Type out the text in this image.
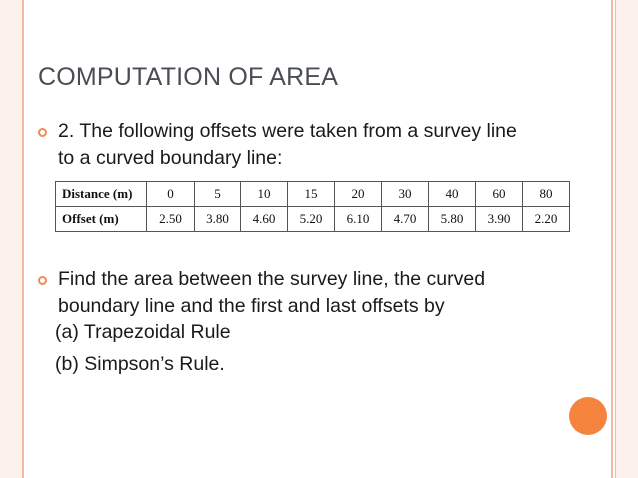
COMPUTATION OF AREA
2. The following offsets were taken from a survey line to a curved boundary line:
Distance (m)	0	5	10	15	20	30	40	60	80
Offset (m)	2.50	3.80	4.60	5.20	6.10	4.70	5.80	3.90	2.20
Find the area between the survey line, the curved boundary line and the first and last offsets by
(a) Trapezoidal Rule
(b) Simpson’s Rule.
